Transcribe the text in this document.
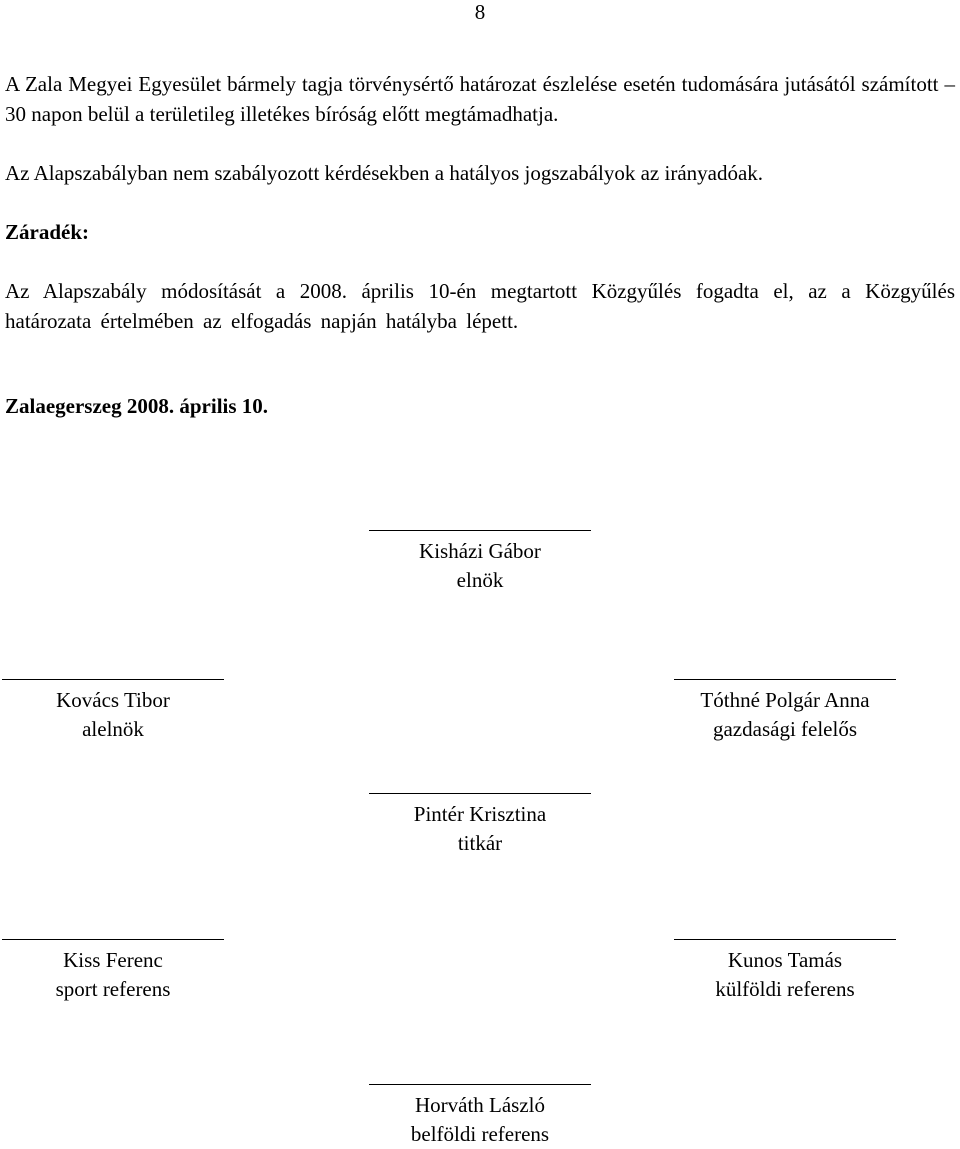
8

A Zala Megyei Egyesület bármely tagja törvénysértő határozat észlelése esetén tudomására jutásától számított – 30 napon belül a területileg illetékes bíróság előtt megtámadhatja.

Az Alapszabályban nem szabályozott kérdésekben a hatályos jogszabályok az irányadóak.

Záradék:

Az Alapszabály módosítását a 2008. április 10-én megtartott Közgyűlés fogadta el, az a Közgyűlés határozata értelmében az elfogadás napján hatályba lépett.

Zalaegerszeg 2008. április 10.
Kisházi Gábor
elnök
Kovács Tibor
alelnök
Tóthné Polgár Anna
gazdasági felelős
Pintér Krisztina
titkár
Kiss Ferenc
sport referens
Kunos Tamás
külföldi referens
Horváth László
belföldi referens
